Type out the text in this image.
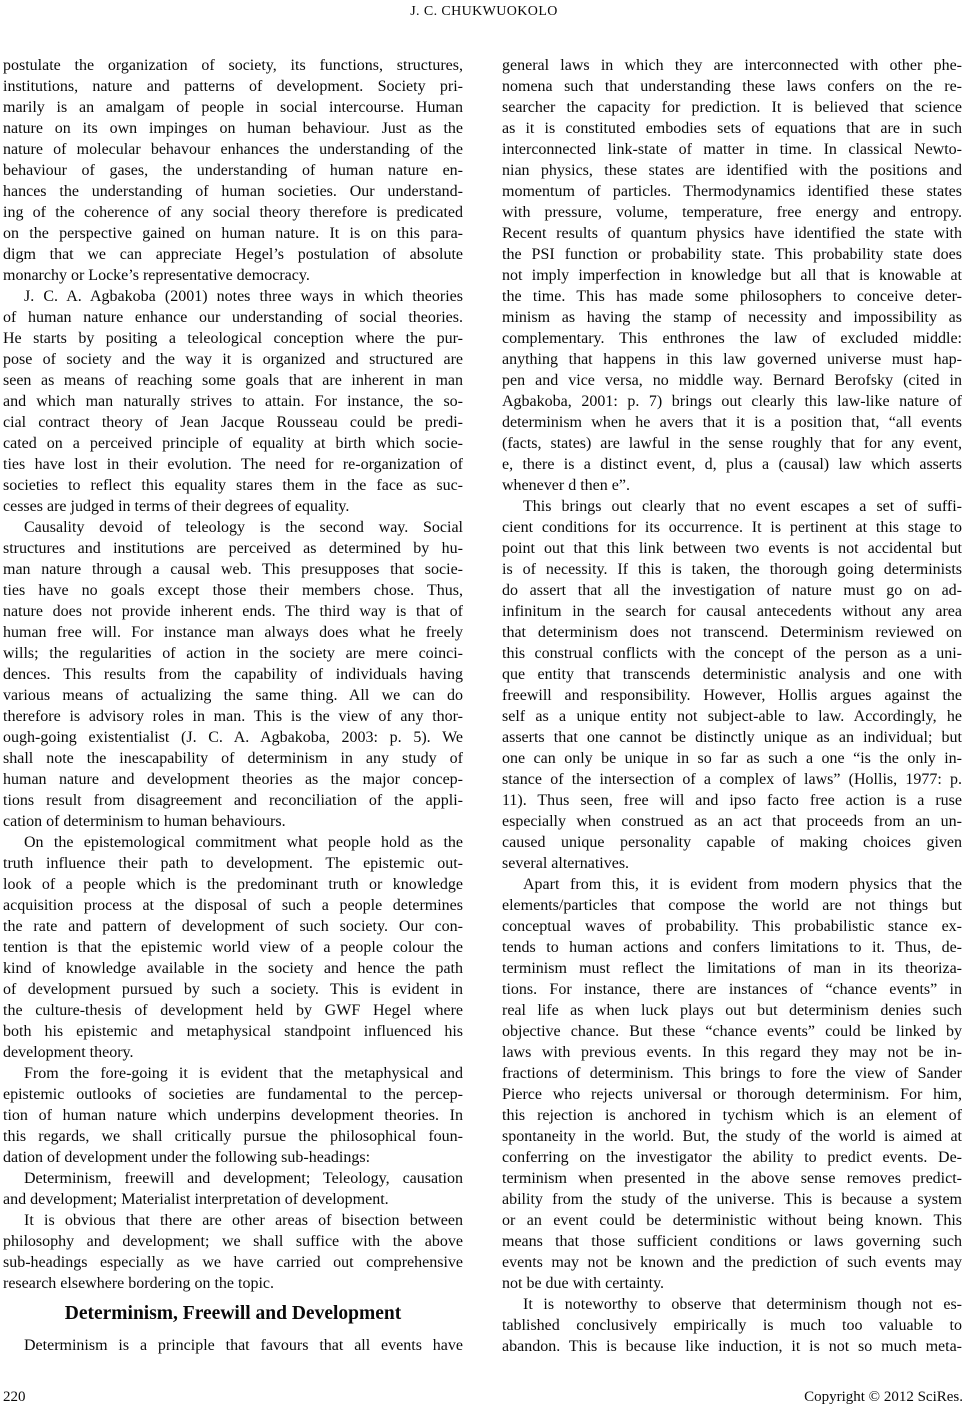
J. C. CHUKWUOKOLO
postulate the organization of society, its functions, structures,
institutions, nature and patterns of development. Society pri-
marily is an amalgam of people in social intercourse. Human
nature on its own impinges on human behaviour. Just as the
nature of molecular behavour enhances the understanding of the
behaviour of gases, the understanding of human nature en-
hances the understanding of human societies. Our understand-
ing of the coherence of any social theory therefore is predicated
on the perspective gained on human nature. It is on this para-
digm that we can appreciate Hegel’s postulation of absolute
monarchy or Locke’s representative democracy.
J. C. A. Agbakoba (2001) notes three ways in which theories
of human nature enhance our understanding of social theories.
He starts by positing a teleological conception where the pur-
pose of society and the way it is organized and structured are
seen as means of reaching some goals that are inherent in man
and which man naturally strives to attain. For instance, the so-
cial contract theory of Jean Jacque Rousseau could be predi-
cated on a perceived principle of equality at birth which socie-
ties have lost in their evolution. The need for re-organization of
societies to reflect this equality stares them in the face as suc-
cesses are judged in terms of their degrees of equality.
Causality devoid of teleology is the second way. Social
structures and institutions are perceived as determined by hu-
man nature through a causal web. This presupposes that socie-
ties have no goals except those their members chose. Thus,
nature does not provide inherent ends. The third way is that of
human free will. For instance man always does what he freely
wills; the regularities of action in the society are mere coinci-
dences. This results from the capability of individuals having
various means of actualizing the same thing. All we can do
therefore is advisory roles in man. This is the view of any thor-
ough-going existentialist (J. C. A. Agbakoba, 2003: p. 5). We
shall note the inescapability of determinism in any study of
human nature and development theories as the major concep-
tions result from disagreement and reconciliation of the appli-
cation of determinism to human behaviours.
On the epistemological commitment what people hold as the
truth influence their path to development. The epistemic out-
look of a people which is the predominant truth or knowledge
acquisition process at the disposal of such a people determines
the rate and pattern of development of such society. Our con-
tention is that the epistemic world view of a people colour the
kind of knowledge available in the society and hence the path
of development pursued by such a society. This is evident in
the culture-thesis of development held by GWF Hegel where
both his epistemic and metaphysical standpoint influenced his
development theory.
From the fore-going it is evident that the metaphysical and
epistemic outlooks of societies are fundamental to the percep-
tion of human nature which underpins development theories. In
this regards, we shall critically pursue the philosophical foun-
dation of development under the following sub-headings:
Determinism, freewill and development; Teleology, causation
and development; Materialist interpretation of development.
It is obvious that there are other areas of bisection between
philosophy and development; we shall suffice with the above
sub-headings especially as we have carried out comprehensive
research elsewhere bordering on the topic.
Determinism, Freewill and Development
Determinism is a principle that favours that all events have
general laws in which they are interconnected with other phe-
nomena such that understanding these laws confers on the re-
searcher the capacity for prediction. It is believed that science
as it is constituted embodies sets of equations that are in such
interconnected link-state of matter in time. In classical Newto-
nian physics, these states are identified with the positions and
momentum of particles. Thermodynamics identified these states
with pressure, volume, temperature, free energy and entropy.
Recent results of quantum physics have identified the state with
the PSI function or probability state. This probability state does
not imply imperfection in knowledge but all that is knowable at
the time. This has made some philosophers to conceive deter-
minism as having the stamp of necessity and impossibility as
complementary. This enthrones the law of excluded middle:
anything that happens in this law governed universe must hap-
pen and vice versa, no middle way. Bernard Berofsky (cited in
Agbakoba, 2001: p. 7) brings out clearly this law-like nature of
determinism when he avers that it is a position that, “all events
(facts, states) are lawful in the sense roughly that for any event,
e, there is a distinct event, d, plus a (causal) law which asserts
whenever d then e”.
This brings out clearly that no event escapes a set of suffi-
cient conditions for its occurrence. It is pertinent at this stage to
point out that this link between two events is not accidental but
is of necessity. If this is taken, the thorough going determinists
do assert that all the investigation of nature must go on ad-
infinitum in the search for causal antecedents without any area
that determinism does not transcend. Determinism reviewed on
this construal conflicts with the concept of the person as a uni-
que entity that transcends deterministic analysis and one with
freewill and responsibility. However, Hollis argues against the
self as a unique entity not subject-able to law. Accordingly, he
asserts that one cannot be distinctly unique as an individual; but
one can only be unique in so far as such a one “is the only in-
stance of the intersection of a complex of laws” (Hollis, 1977: p.
11). Thus seen, free will and ipso facto free action is a ruse
especially when construed as an act that proceeds from an un-
caused unique personality capable of making choices given
several alternatives.
Apart from this, it is evident from modern physics that the
elements/particles that compose the world are not things but
conceptual waves of probability. This probabilistic stance ex-
tends to human actions and confers limitations to it. Thus, de-
terminism must reflect the limitations of man in its theoriza-
tions. For instance, there are instances of “chance events” in
real life as when luck plays out but determinism denies such
objective chance. But these “chance events” could be linked by
laws with previous events. In this regard they may not be in-
fractions of determinism. This brings to fore the view of Sander
Pierce who rejects universal or thorough determinism. For him,
this rejection is anchored in tychism which is an element of
spontaneity in the world. But, the study of the world is aimed at
conferring on the investigator the ability to predict events. De-
terminism when presented in the above sense removes predict-
ability from the study of the universe. This is because a system
or an event could be deterministic without being known. This
means that those sufficient conditions or laws governing such
events may not be known and the prediction of such events may
not be due with certainty.
It is noteworthy to observe that determinism though not es-
tablished conclusively empirically is much too valuable to
abandon. This is because like induction, it is not so much meta-
220	Copyright © 2012 SciRes.
